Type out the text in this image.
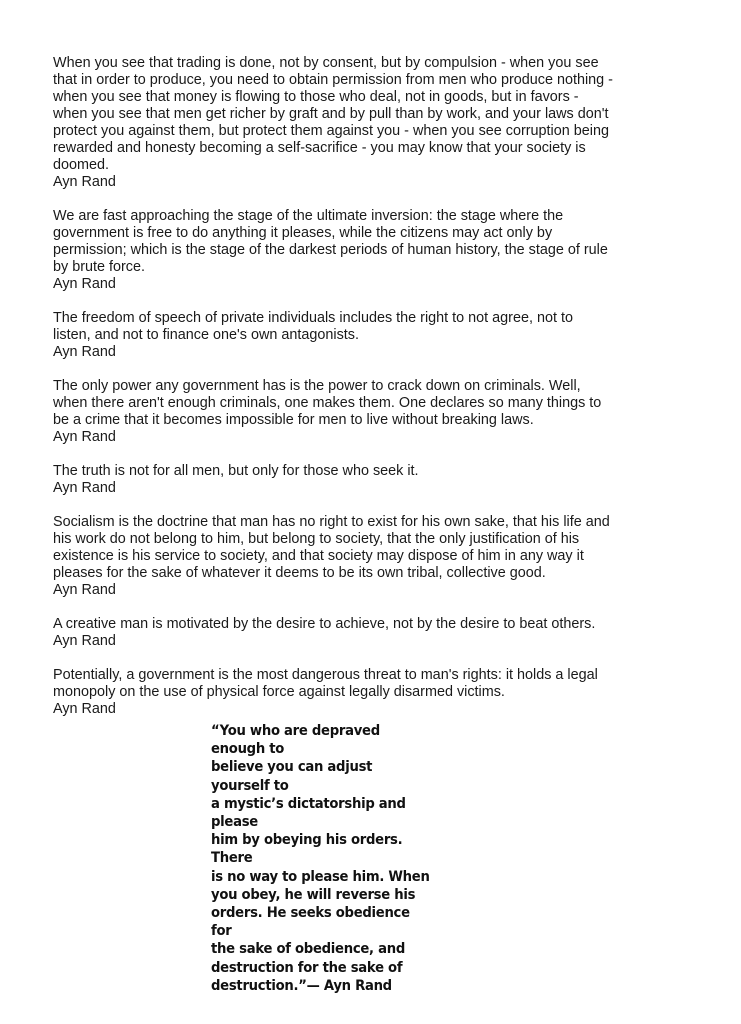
When you see that trading is done, not by consent, but by compulsion - when you see
that in order to produce, you need to obtain permission from men who produce nothing -
when you see that money is flowing to those who deal, not in goods, but in favors -
when you see that men get richer by graft and by pull than by work, and your laws don't
protect you against them, but protect them against you - when you see corruption being
rewarded and honesty becoming a self-sacrifice - you may know that your society is
doomed.
Ayn Rand
We are fast approaching the stage of the ultimate inversion: the stage where the
government is free to do anything it pleases, while the citizens may act only by
permission; which is the stage of the darkest periods of human history, the stage of rule
by brute force.
Ayn Rand
The freedom of speech of private individuals includes the right to not agree, not to
listen, and not to finance one's own antagonists.
Ayn Rand
The only power any government has is the power to crack down on criminals. Well,
when there aren't enough criminals, one makes them. One declares so many things to
be a crime that it becomes impossible for men to live without breaking laws.
Ayn Rand
The truth is not for all men, but only for those who seek it.
Ayn Rand
Socialism is the doctrine that man has no right to exist for his own sake, that his life and
his work do not belong to him, but belong to society, that the only justification of his
existence is his service to society, and that society may dispose of him in any way it
pleases for the sake of whatever it deems to be its own tribal, collective good.
Ayn Rand
A creative man is motivated by the desire to achieve, not by the desire to beat others.
Ayn Rand
Potentially, a government is the most dangerous threat to man's rights: it holds a legal
monopoly on the use of physical force against legally disarmed victims.
Ayn Rand
“You who are depraved enough to
believe you can adjust yourself to
a mystic’s dictatorship and please
him by obeying his orders. There
is no way to please him. When
you obey, he will reverse his
orders. He seeks obedience for
the sake of obedience, and
destruction for the sake of
destruction.”— Ayn Rand
